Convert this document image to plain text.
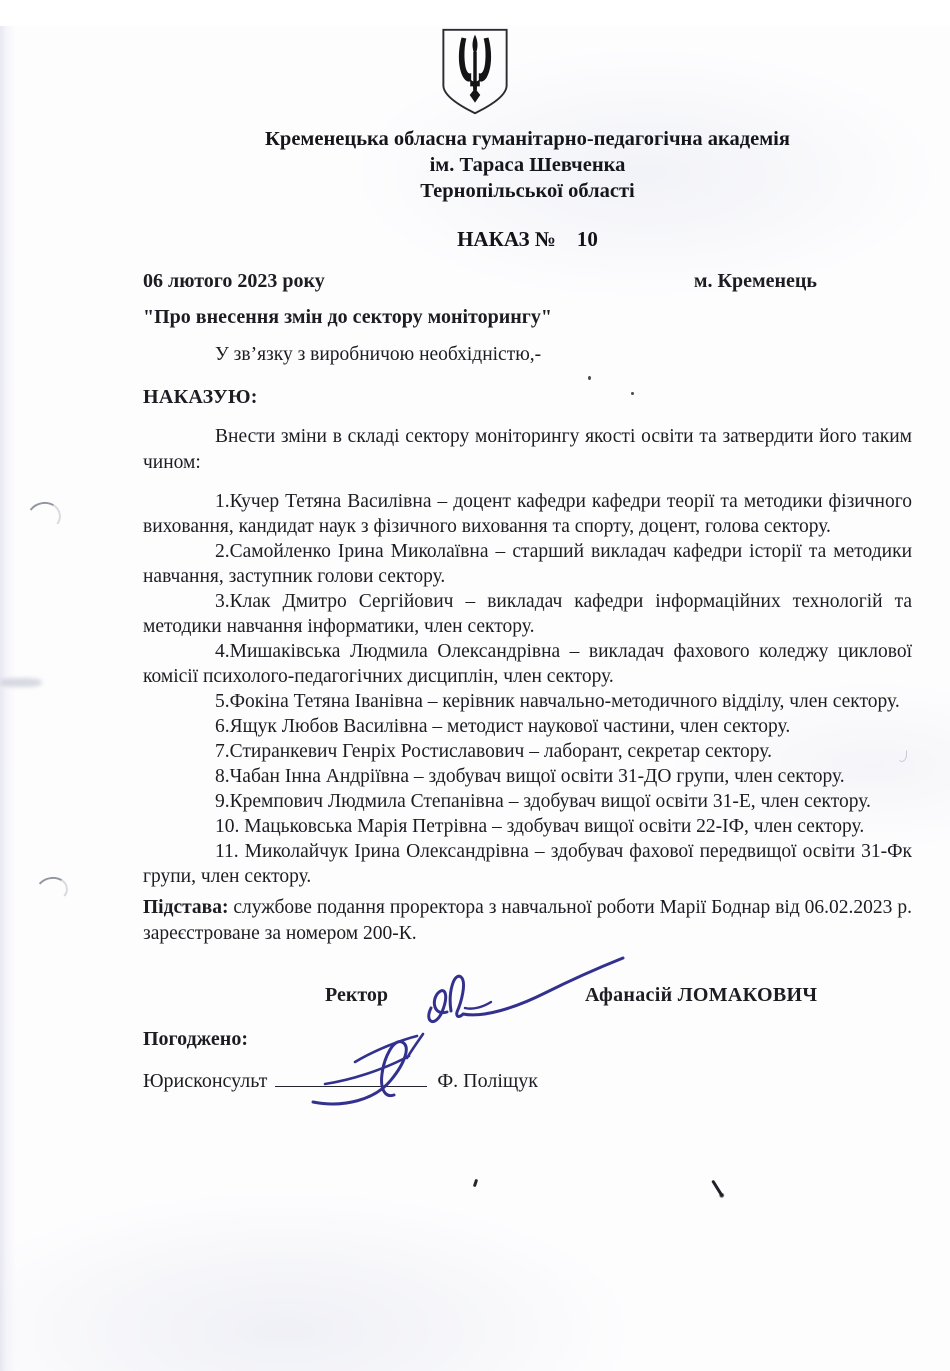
Кременецька обласна гуманітарно-педагогічна академія
ім. Тараса Шевченка
Тернопільської області
НАКАЗ №    10
06 лютого 2023 року	м. Кременець
"Про внесення змін до сектору моніторингу"
У зв’язку з виробничою необхідністю,-
НАКАЗУЮ:

Внести зміни в складі сектору моніторингу якості освіти та затвердити його таким чином:

1.Кучер Тетяна Василівна – доцент кафедри кафедри теорії та методики фізичного виховання, кандидат наук з фізичного виховання та спорту, доцент, голова сектору.

2.Самойленко Ірина Миколаївна – старший викладач кафедри історії та методики навчання, заступник голови сектору.

3.Клак Дмитро Сергійович – викладач кафедри інформаційних технологій та методики навчання інформатики, член сектору.

4.Мишаківська Людмила Олександрівна – викладач фахового коледжу циклової комісії психолого-педагогічних дисциплін, член сектору.

5.Фокіна Тетяна Іванівна – керівник навчально-методичного відділу, член сектору.

6.Ящук Любов Василівна – методист наукової частини, член сектору.

7.Стиранкевич Генріх Ростиславович – лаборант, секретар сектору.

8.Чабан Інна Андріївна – здобувач вищої освіти 31-ДО групи, член сектору.

9.Кремпович Людмила Степанівна – здобувач вищої освіти 31-Е, член сектору.

10. Мацьковська Марія Петрівна – здобувач вищої освіти 22-ІФ, член сектору.

11. Миколайчук Ірина Олександрівна – здобувач фахової передвищої освіти 31-Фк групи, член сектору.

Підстава: службове подання проректора з навчальної роботи Марії Боднар від 06.02.2023 р. зареєстроване за номером 200-К.

Ректор	Афанасій ЛОМАКОВИЧ
Погоджено:
Юрисконсульт	Ф. Поліщук
